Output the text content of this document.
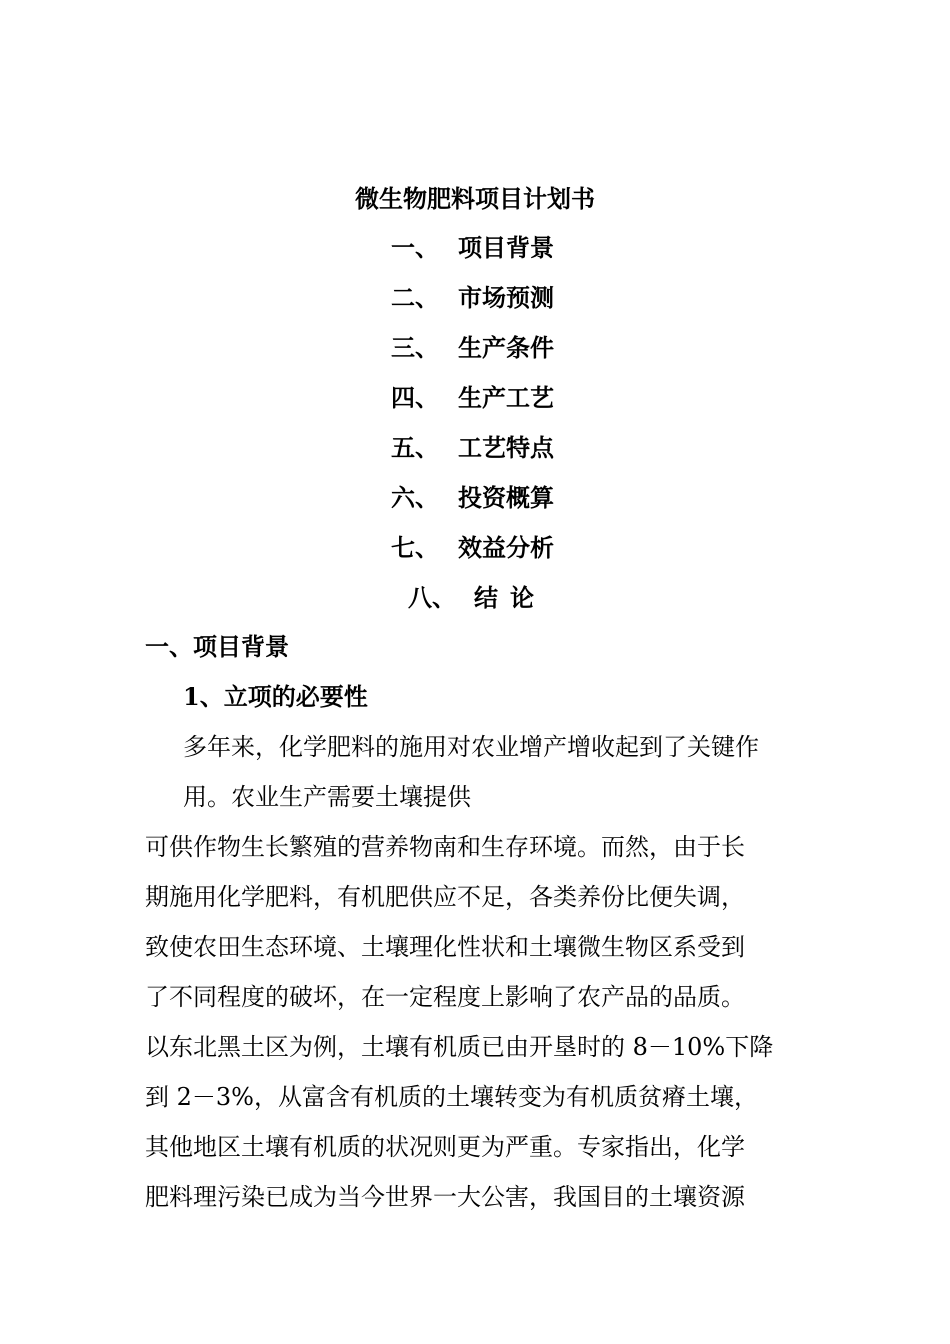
微生物肥料项目计划书
一、 项目背景
二、 市场预测
三、 生产条件
四、 生产工艺
五、 工艺特点
六、 投资概算
七、 效益分析
八、 结论
一、项目背景
1、立项的必要性
多年来，化学肥料的施用对农业增产增收起到了关键作
用。农业生产需要土壤提供
可供作物生长繁殖的营养物南和生存环境。而然，由于长
期施用化学肥料，有机肥供应不足，各类养份比便失调，
致使农田生态环境、土壤理化性状和土壤微生物区系受到
了不同程度的破坏，在一定程度上影响了农产品的品质。
以东北黑土区为例，土壤有机质已由开垦时的 8－10%下降
到 2－3%，从富含有机质的土壤转变为有机质贫瘠土壤，
其他地区土壤有机质的状况则更为严重。专家指出，化学
肥料理污染已成为当今世界一大公害，我国目的土壤资源
